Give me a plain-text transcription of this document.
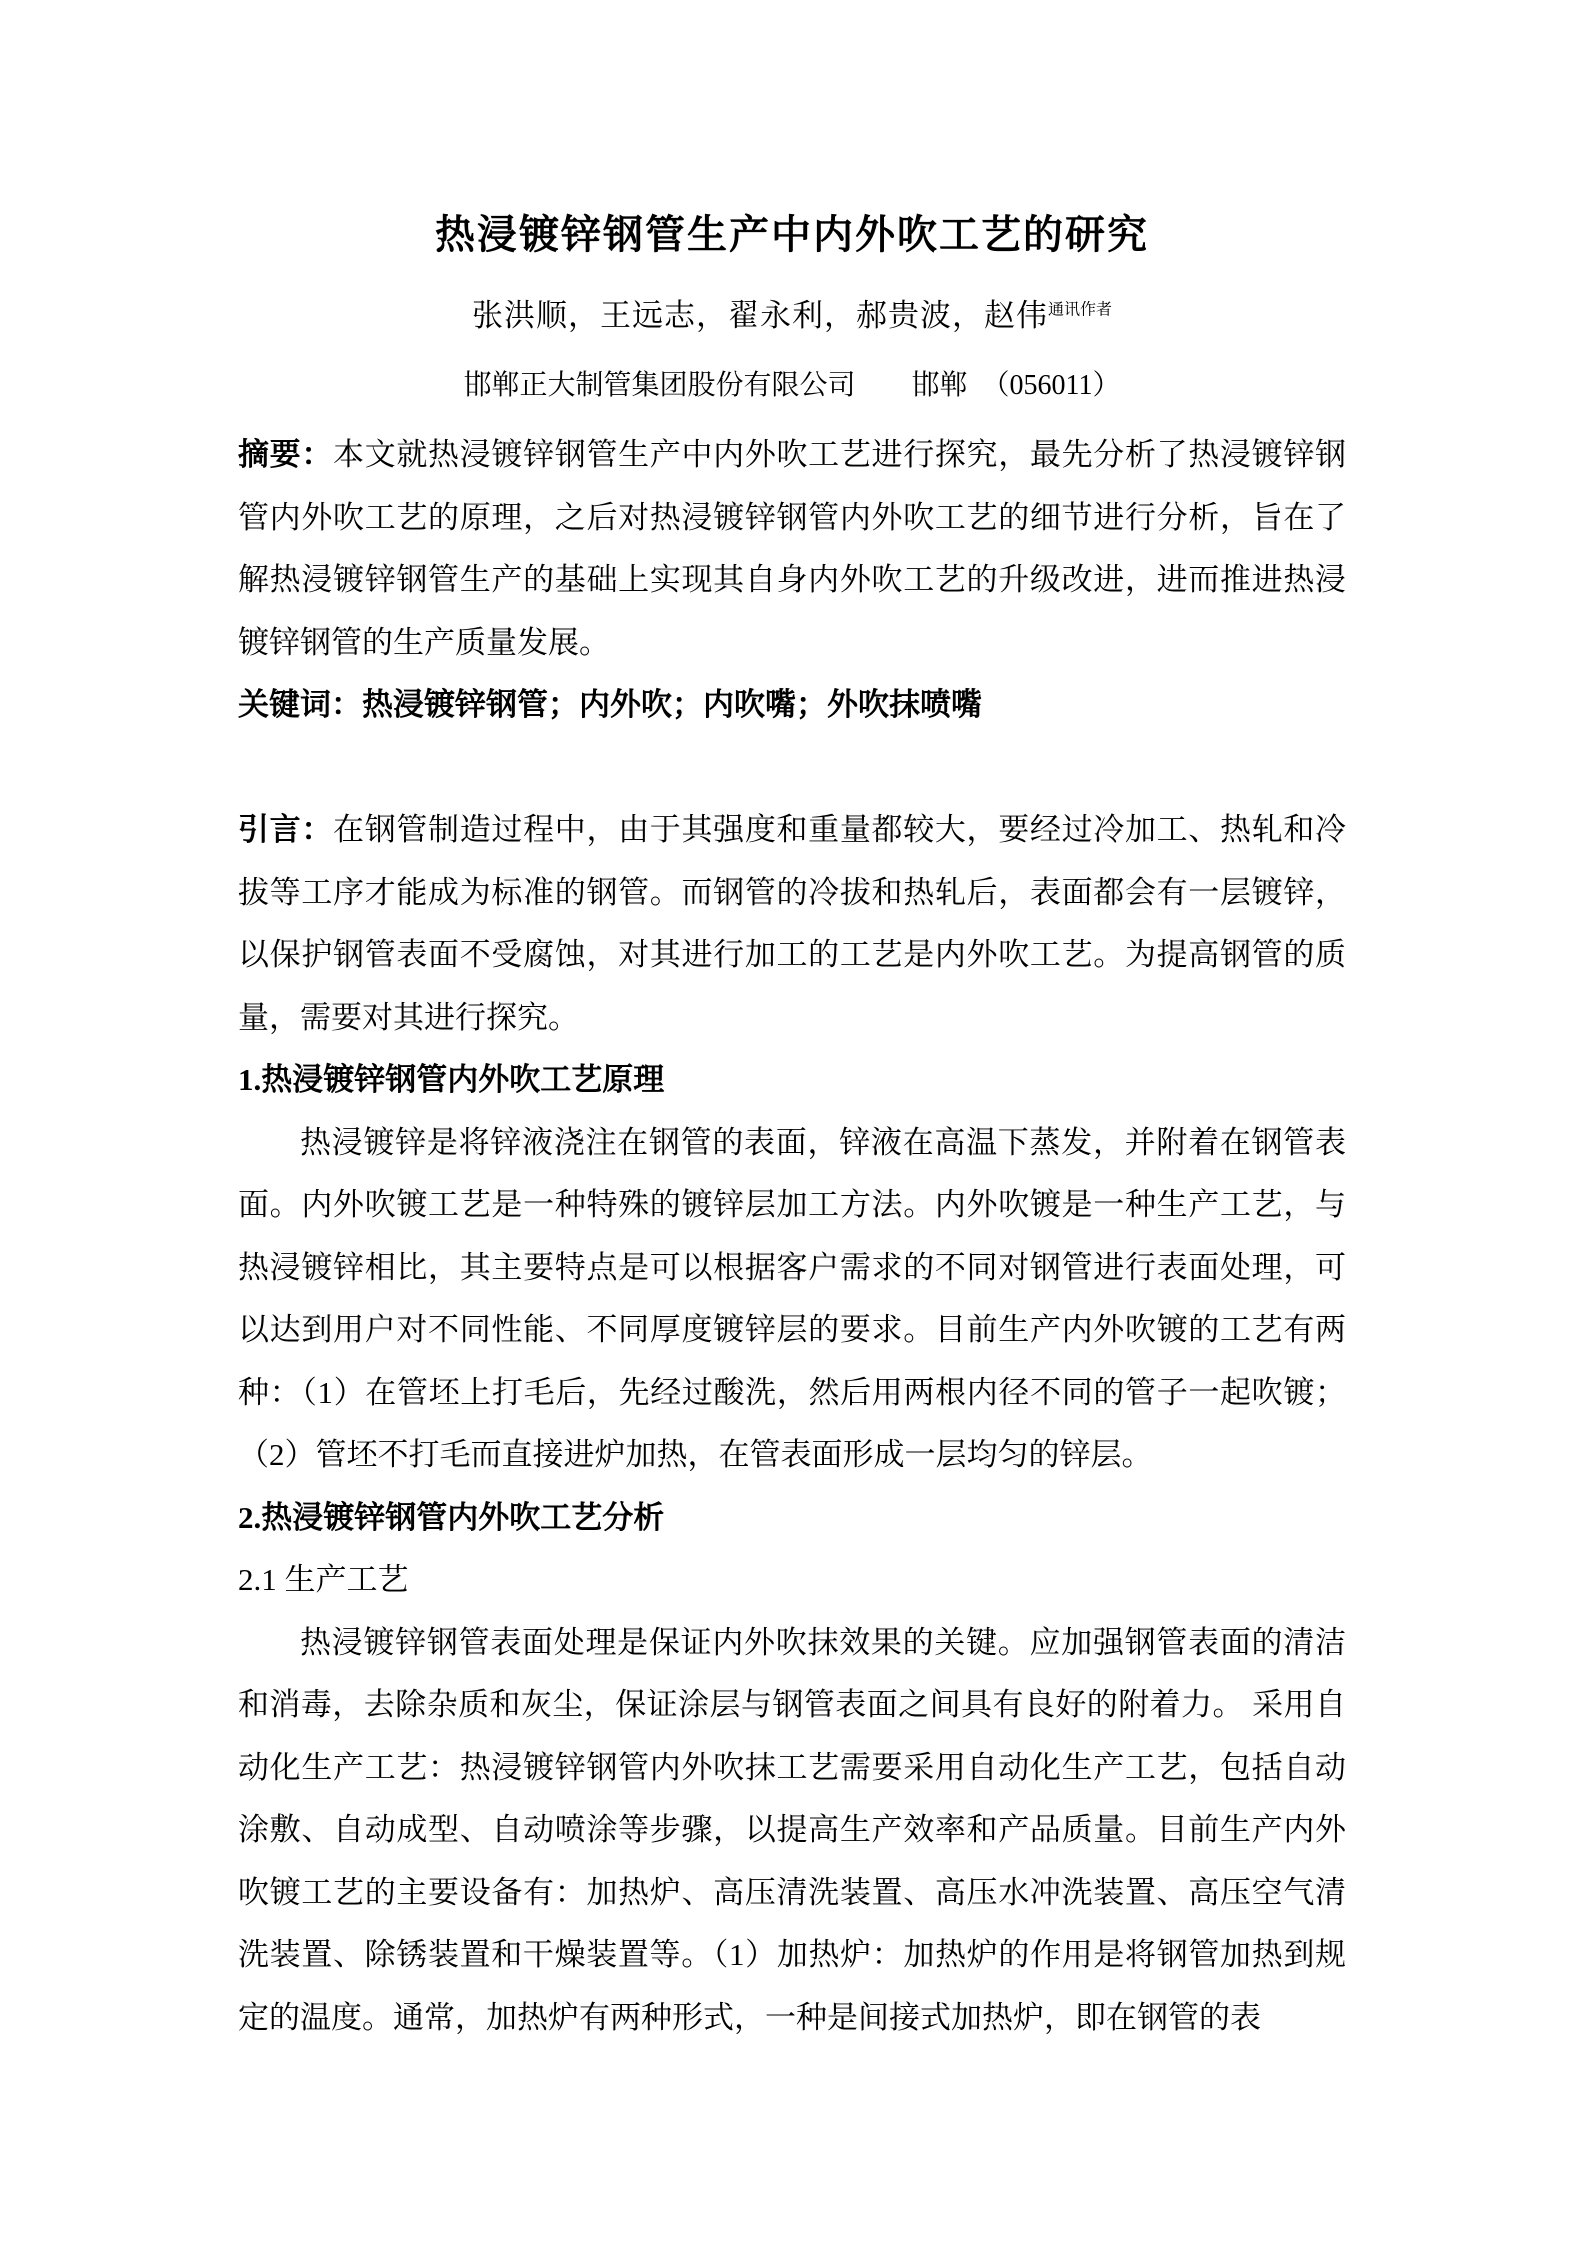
热浸镀锌钢管生产中内外吹工艺的研究

张洪顺，王远志，翟永利，郝贵波，赵伟$^{通讯作者}$

邯郸正大制管集团股份有限公司　　邯郸　（056011）

摘要：本文就热浸镀锌钢管生产中内外吹工艺进行探究，最先分析了热浸镀锌钢管内外吹工艺的原理，之后对热浸镀锌钢管内外吹工艺的细节进行分析，旨在了解热浸镀锌钢管生产的基础上实现其自身内外吹工艺的升级改进，进而推进热浸镀锌钢管的生产质量发展。

关键词：热浸镀锌钢管；内外吹；内吹嘴；外吹抹喷嘴

引言：在钢管制造过程中，由于其强度和重量都较大，要经过冷加工、热轧和冷拔等工序才能成为标准的钢管。而钢管的冷拔和热轧后，表面都会有一层镀锌，以保护钢管表面不受腐蚀，对其进行加工的工艺是内外吹工艺。为提高钢管的质量，需要对其进行探究。

1.热浸镀锌钢管内外吹工艺原理

热浸镀锌是将锌液浇注在钢管的表面，锌液在高温下蒸发，并附着在钢管表面。内外吹镀工艺是一种特殊的镀锌层加工方法。内外吹镀是一种生产工艺，与热浸镀锌相比，其主要特点是可以根据客户需求的不同对钢管进行表面处理，可以达到用户对不同性能、不同厚度镀锌层的要求。目前生产内外吹镀的工艺有两种：（1）在管坯上打毛后，先经过酸洗，然后用两根内径不同的管子一起吹镀；（2）管坯不打毛而直接进炉加热，在管表面形成一层均匀的锌层。

2.热浸镀锌钢管内外吹工艺分析
2.1 生产工艺

热浸镀锌钢管表面处理是保证内外吹抹效果的关键。应加强钢管表面的清洁和消毒，去除杂质和灰尘，保证涂层与钢管表面之间具有良好的附着力。 采用自动化生产工艺：热浸镀锌钢管内外吹抹工艺需要采用自动化生产工艺，包括自动涂敷、自动成型、自动喷涂等步骤，以提高生产效率和产品质量。目前生产内外吹镀工艺的主要设备有：加热炉、高压清洗装置、高压水冲洗装置、高压空气清洗装置、除锈装置和干燥装置等。（1）加热炉：加热炉的作用是将钢管加热到规定的温度。通常，加热炉有两种形式，一种是间接式加热炉，即在钢管的表
